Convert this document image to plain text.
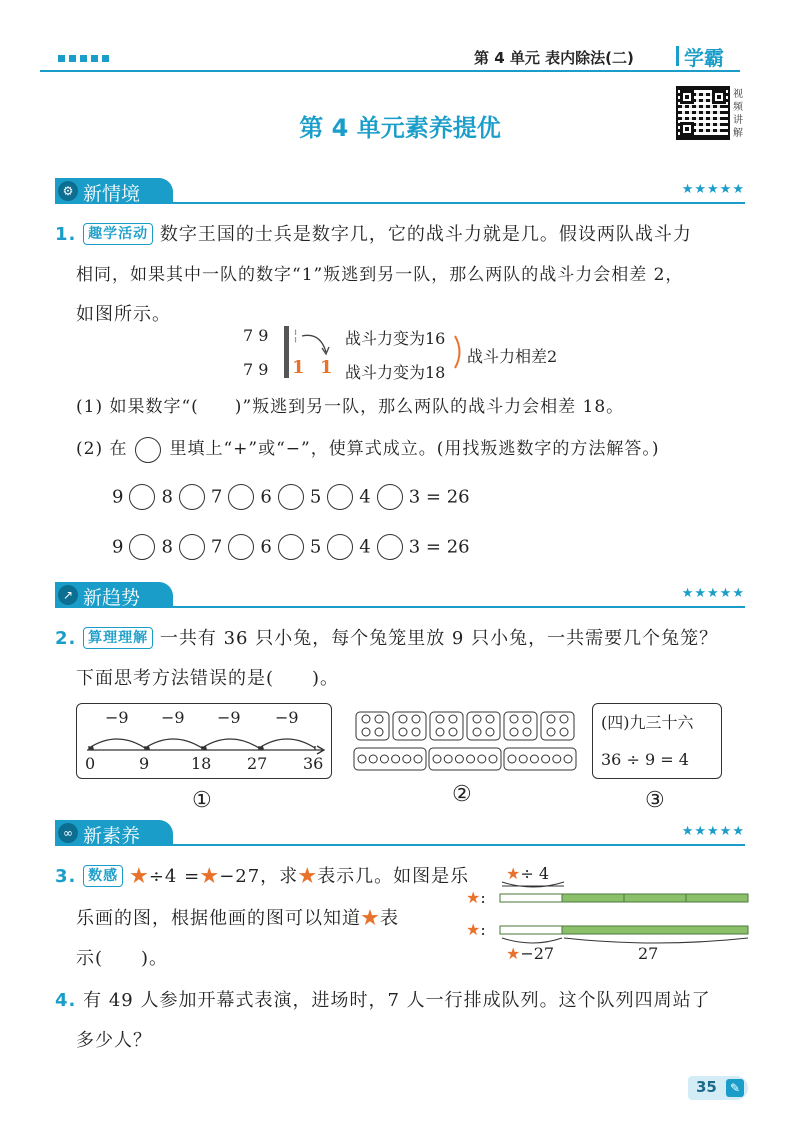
第 4 单元 表内除法(二)	学霸
第 4 单元素养提优
视频讲解
⚙ 新情境	★★★★★
1. 趣学活动 数字王国的士兵是数字几，它的战斗力就是几。假设两队战斗力
相同，如果其中一队的数字“1”叛逃到另一队，那么两队的战斗力会相差 2，
如图所示。
7 9
7 9
¦
1 1
战斗力变为16
战斗力变为18
战斗力相差2
(1) 如果数字“(　　)”叛逃到另一队，那么两队的战斗力会相差 18。
(2) 在 里填上“+”或“−”，使算式成立。(用找叛逃数字的方法解答。)
9 8 7 6 5 4 3 = 26
9 8 7 6 5 4 3 = 26
↗ 新趋势	★★★★★
2. 算理理解 一共有 36 只小兔，每个兔笼里放 9 只小兔，一共需要几个兔笼？
下面思考方法错误的是(　　)。
−9 −9 −9 −9
0	9	18 27 36
(四)九三十六
36 ÷ 9 = 4
①	②	③
∞ 新素养	★★★★★
3. 数感 ★÷4 =★−27，求★表示几。如图是乐
乐画的图，根据他画的图可以知道★表
示(　　)。
★÷ 4
★:
★:
★−27	27
4. 有 49 人参加开幕式表演，进场时，7 人一行排成队列。这个队列四周站了
多少人？
35	✎
